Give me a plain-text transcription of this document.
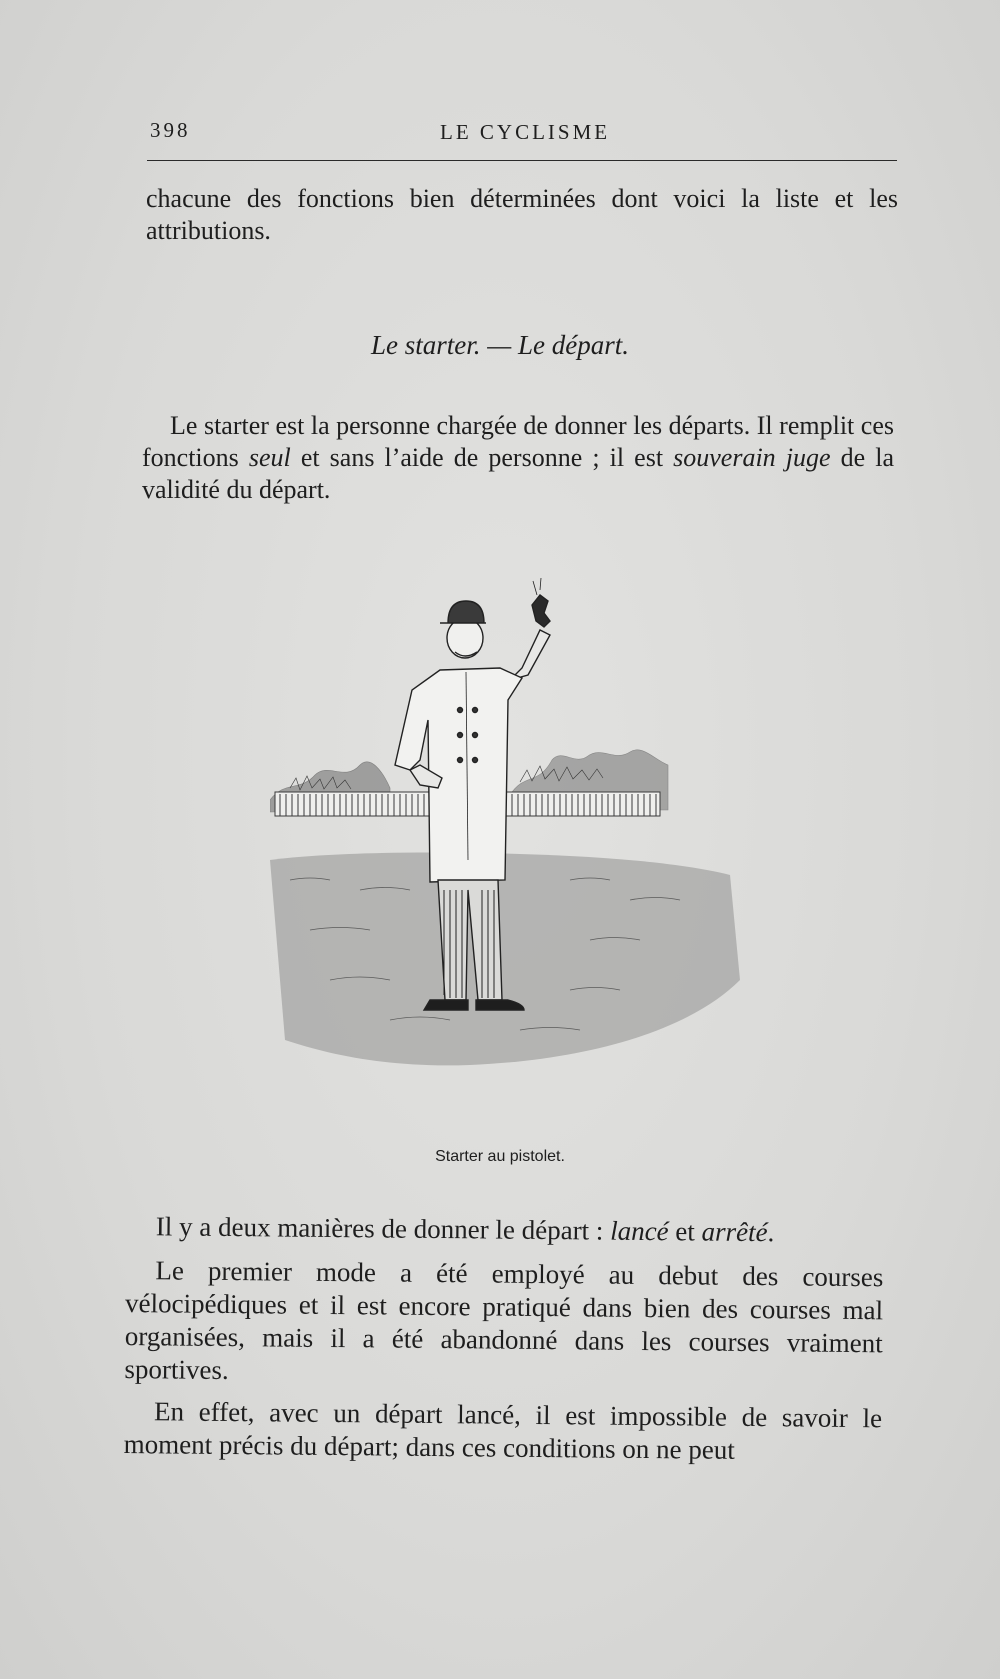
398	LE CYCLISME
chacune des fonctions bien déterminées dont voici la liste et les attributions.
Le starter. — Le départ.
Le starter est la personne chargée de donner les départs. Il remplit ces fonctions seul et sans l’aide de personne ; il est souverain juge de la validité du départ.
Starter au pistolet.

Il y a deux manières de donner le départ : lancé et arrêté.

Le premier mode a été employé au debut des courses vélocipédiques et il est encore pratiqué dans bien des courses mal organisées, mais il a été abandonné dans les courses vraiment sportives.

En effet, avec un départ lancé, il est impossible de savoir le moment précis du départ; dans ces conditions on ne peut
